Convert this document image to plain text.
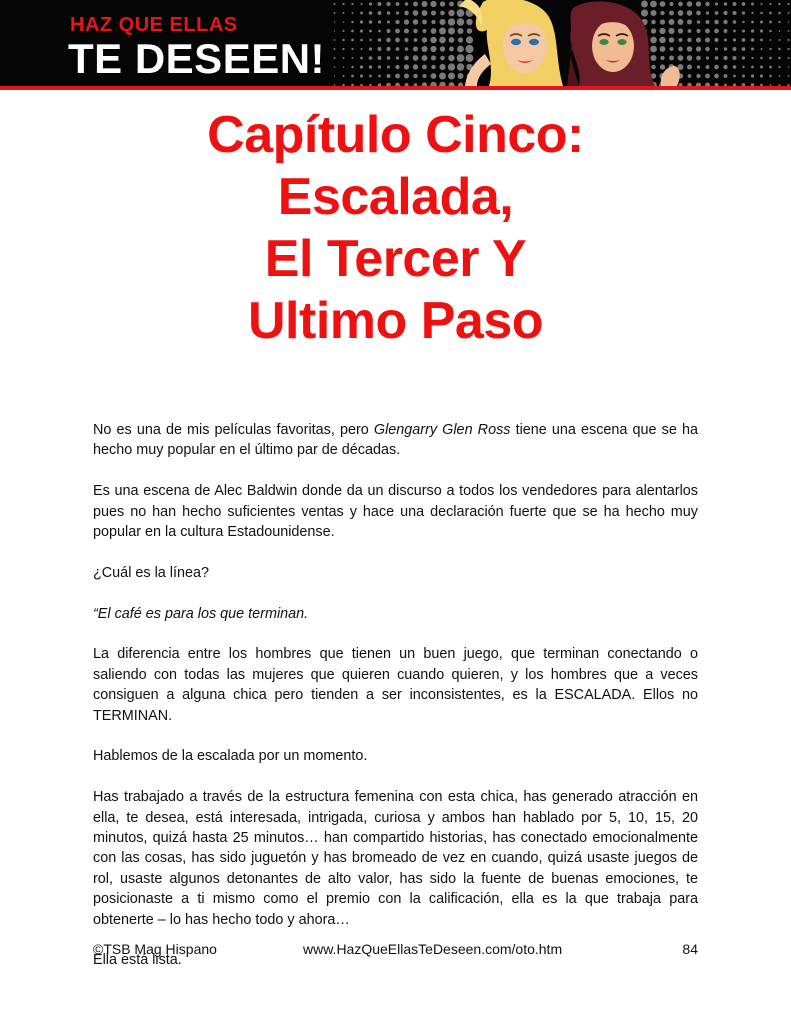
HAZ QUE ELLAS
TE DESEEN!
Capítulo Cinco:
Escalada,
El Tercer Y
Ultimo Paso

No es una de mis películas favoritas, pero Glengarry Glen Ross tiene una escena que se ha hecho muy popular en el último par de décadas.

Es una escena de Alec Baldwin donde da un discurso a todos los vendedores para alentarlos pues no han hecho suficientes ventas y hace una declaración fuerte que se ha hecho muy popular en la cultura Estadounidense.

¿Cuál es la línea?

“El café es para los que terminan.

La diferencia entre los hombres que tienen un buen juego, que terminan conectando o saliendo con todas las mujeres que quieren cuando quieren, y los hombres que a veces consiguen a alguna chica pero tienden a ser inconsistentes, es la ESCALADA. Ellos no TERMINAN.

Hablemos de la escalada por un momento.

Has trabajado a través de la estructura femenina con esta chica, has generado atracción en ella, te desea, está interesada, intrigada, curiosa y ambos han hablado por 5, 10, 15, 20 minutos, quizá hasta 25 minutos… han compartido historias, has conectado emocionalmente con las cosas, has sido juguetón y has bromeado de vez en cuando, quizá usaste juegos de rol, usaste algunos detonantes de alto valor, has sido la fuente de buenas emociones, te posicionaste a ti mismo como el premio con la calificación, ella es la que trabaja para obtenerte – lo has hecho todo y ahora…

Ella está lista.

©TSB Mag Hispano	www.HazQueEllasTeDeseen.com/oto.htm	84
